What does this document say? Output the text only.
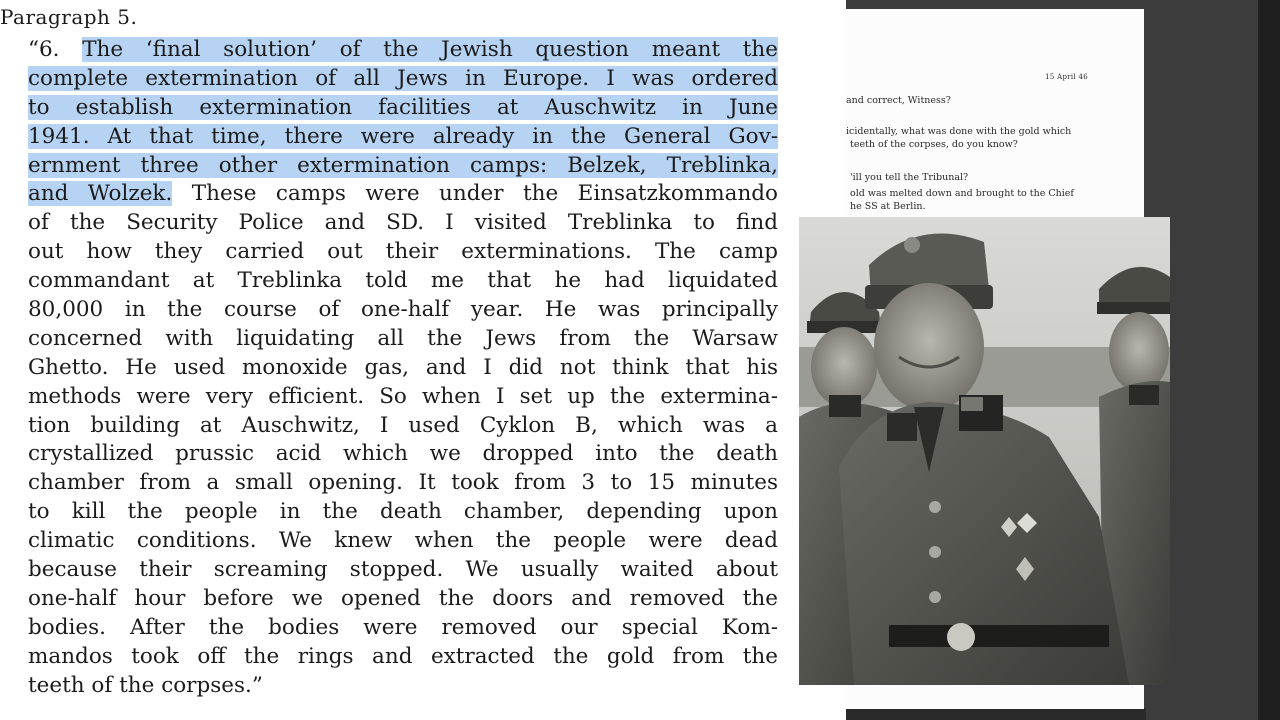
Paragraph 5.
“6. The ‘final solution’ of the Jewish question meant the
complete extermination of all Jews in Europe. I was ordered
to establish extermination facilities at Auschwitz in June
1941. At that time, there were already in the General Gov-
ernment three other extermination camps: Belzek, Treblinka,
and Wolzek. These camps were under the Einsatzkommando
of the Security Police and SD. I visited Treblinka to find
out how they carried out their exterminations. The camp
commandant at Treblinka told me that he had liquidated
80,000 in the course of one-half year. He was principally
concerned with liquidating all the Jews from the Warsaw
Ghetto. He used monoxide gas, and I did not think that his
methods were very efficient. So when I set up the extermina-
tion building at Auschwitz, I used Cyklon B, which was a
crystallized prussic acid which we dropped into the death
chamber from a small opening. It took from 3 to 15 minutes
to kill the people in the death chamber, depending upon
climatic conditions. We knew when the people were dead
because their screaming stopped. We usually waited about
one-half hour before we opened the doors and removed the
bodies. After the bodies were removed our special Kom-
mandos took off the rings and extracted the gold from the
teeth of the corpses.”
15 April 46
and correct, Witness?
icidentally, what was done with the gold which
teeth of the corpses, do you know?
'ill you tell the Tribunal?
old was melted down and brought to the Chief
he SS at Berlin.
